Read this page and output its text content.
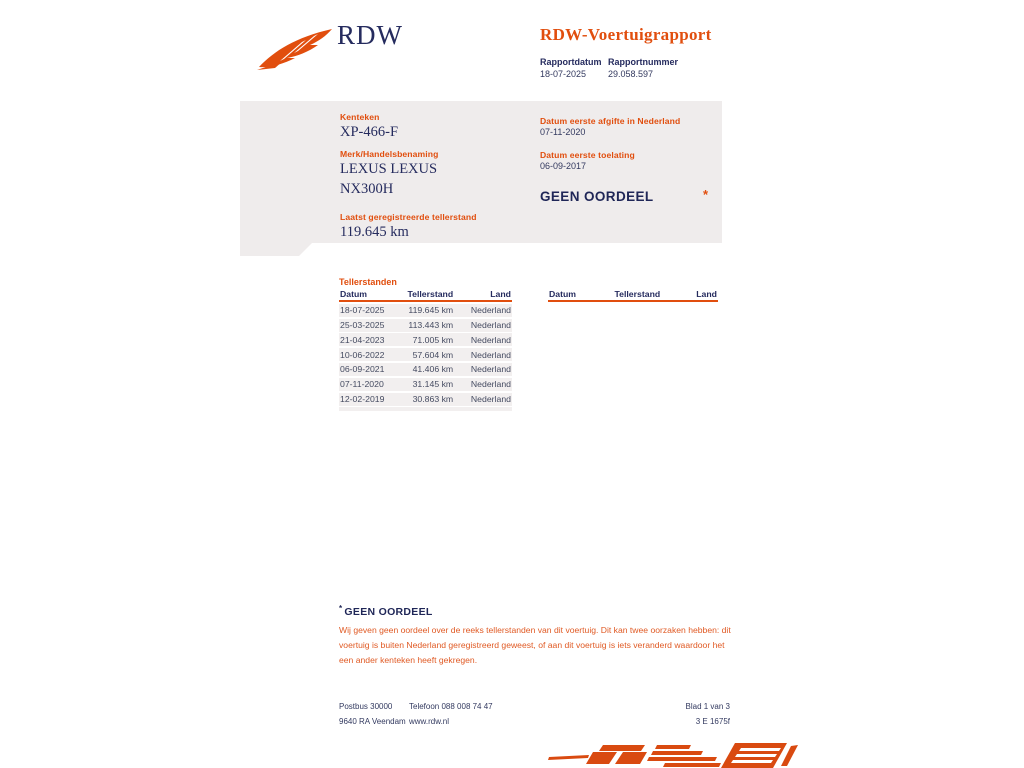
RDW	RDW-Voertuigrapport
Rapportdatum Rapportnummer
18-07-2025 29.058.597
Kenteken
XP-466-F
Merk/Handelsbenaming
LEXUS LEXUS
NX300H
Laatst geregistreerde tellerstand
119.645 km
Datum eerste afgifte in Nederland
07-11-2020
Datum eerste toelating
06-09-2017
GEEN OORDEEL	*
Tellerstanden
Datum	Tellerstand	Land
18-07-2025	119.645 km	Nederland
25-03-2025	113.443 km	Nederland
21-04-2023	71.005 km	Nederland
10-06-2022	57.604 km	Nederland
06-09-2021	41.406 km	Nederland
07-11-2020	31.145 km	Nederland
12-02-2019	30.863 km	Nederland
Datum	Tellerstand	Land
* GEEN OORDEEL
Wij geven geen oordeel over de reeks tellerstanden van dit voertuig. Dit kan twee oorzaken hebben: dit voertuig is buiten Nederland geregistreerd geweest, of aan dit voertuig is iets veranderd waardoor het een ander kenteken heeft gekregen.
Postbus 30000
9640 RA Veendam
Telefoon 088 008 74 47
www.rdw.nl
Blad 1 van 3
3 E 1675f
